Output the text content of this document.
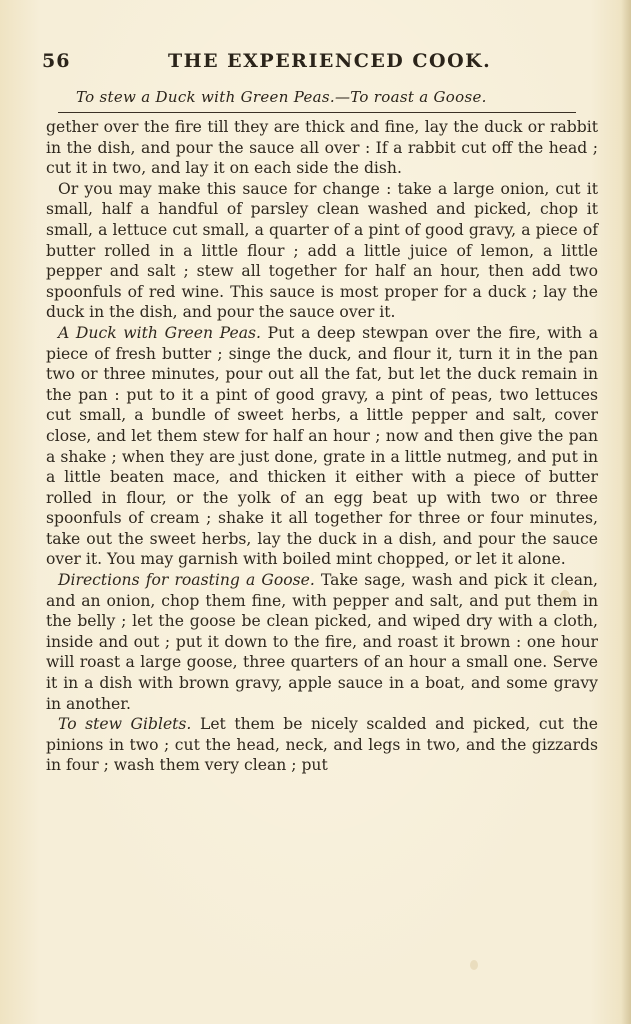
56	THE EXPERIENCED COOK.
To stew a Duck with Green Peas.—To roast a Goose.

gether over the fire till they are thick and fine, lay the duck or rabbit in the dish, and pour the sauce all over : If a rabbit cut off the head ; cut it in two, and lay it on each side the dish.

Or you may make this sauce for change : take a large onion, cut it small, half a handful of parsley clean washed and picked, chop it small, a lettuce cut small, a quarter of a pint of good gravy, a piece of butter rolled in a little flour ; add a little juice of lemon, a little pepper and salt ; stew all together for half an hour, then add two spoonfuls of red wine. This sauce is most proper for a duck ; lay the duck in the dish, and pour the sauce over it.

A Duck with Green Peas. Put a deep stewpan over the fire, with a piece of fresh butter ; singe the duck, and flour it, turn it in the pan two or three minutes, pour out all the fat, but let the duck remain in the pan : put to it a pint of good gravy, a pint of peas, two lettuces cut small, a bundle of sweet herbs, a little pepper and salt, cover close, and let them stew for half an hour ; now and then give the pan a shake ; when they are just done, grate in a little nutmeg, and put in a little beaten mace, and thicken it either with a piece of butter rolled in flour, or the yolk of an egg beat up with two or three spoonfuls of cream ; shake it all together for three or four minutes, take out the sweet herbs, lay the duck in a dish, and pour the sauce over it. You may garnish with boiled mint chopped, or let it alone.

Directions for roasting a Goose. Take sage, wash and pick it clean, and an onion, chop them fine, with pepper and salt, and put them in the belly ; let the goose be clean picked, and wiped dry with a cloth, inside and out ; put it down to the fire, and roast it brown : one hour will roast a large goose, three quarters of an hour a small one. Serve it in a dish with brown gravy, apple sauce in a boat, and some gravy in another.

To stew Giblets. Let them be nicely scalded and picked, cut the pinions in two ; cut the head, neck, and legs in two, and the gizzards in four ; wash them very clean ; put
